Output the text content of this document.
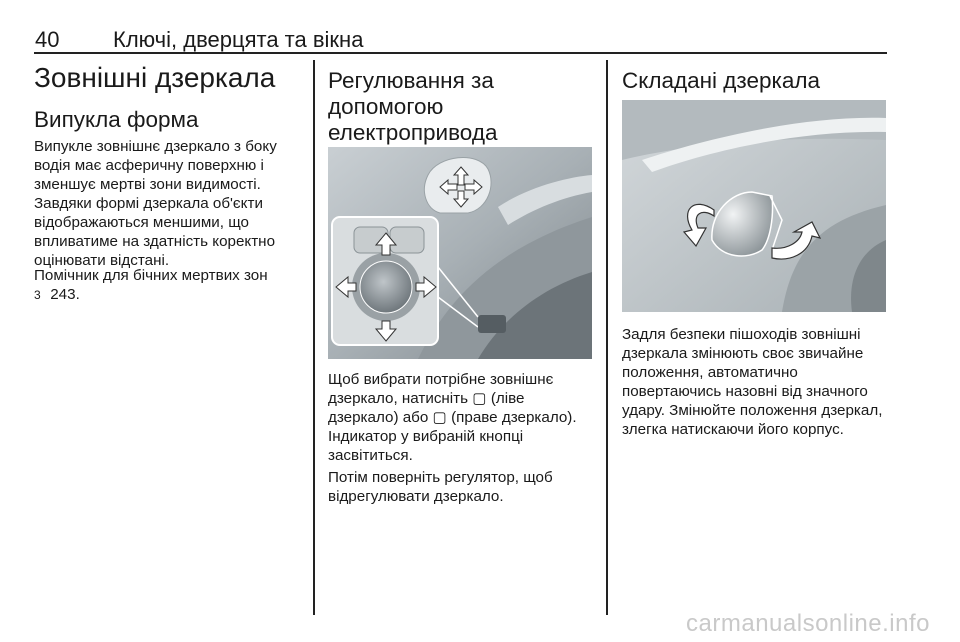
40 Ключі, дверцята та вікна
Зовнішні дзеркала
Випукла форма

Випукле зовнішнє дзеркало з боку водія має асферичну поверхню і зменшує мертві зони видимості. Завдяки формі дзеркала об'єкти відображаються меншими, що впливатиме на здатність коректно оцінювати відстані.

Помічник для бічних мертвих зон
3 243.

Регулювання за допомогою електропривода

Щоб вибрати потрібне зовнішнє дзеркало, натисніть ▢ (ліве дзеркало) або ▢ (праве дзеркало). Індикатор у вибраній кнопці засвітиться.

Потім поверніть регулятор, щоб відрегулювати дзеркало.

Складані дзеркала

Задля безпеки пішоходів зовнішні дзеркала змінюють своє звичайне положення, автоматично повертаючись назовні від значного удару. Змінюйте положення дзеркал, злегка натискаючи його корпус.

carmanualsonline.info
